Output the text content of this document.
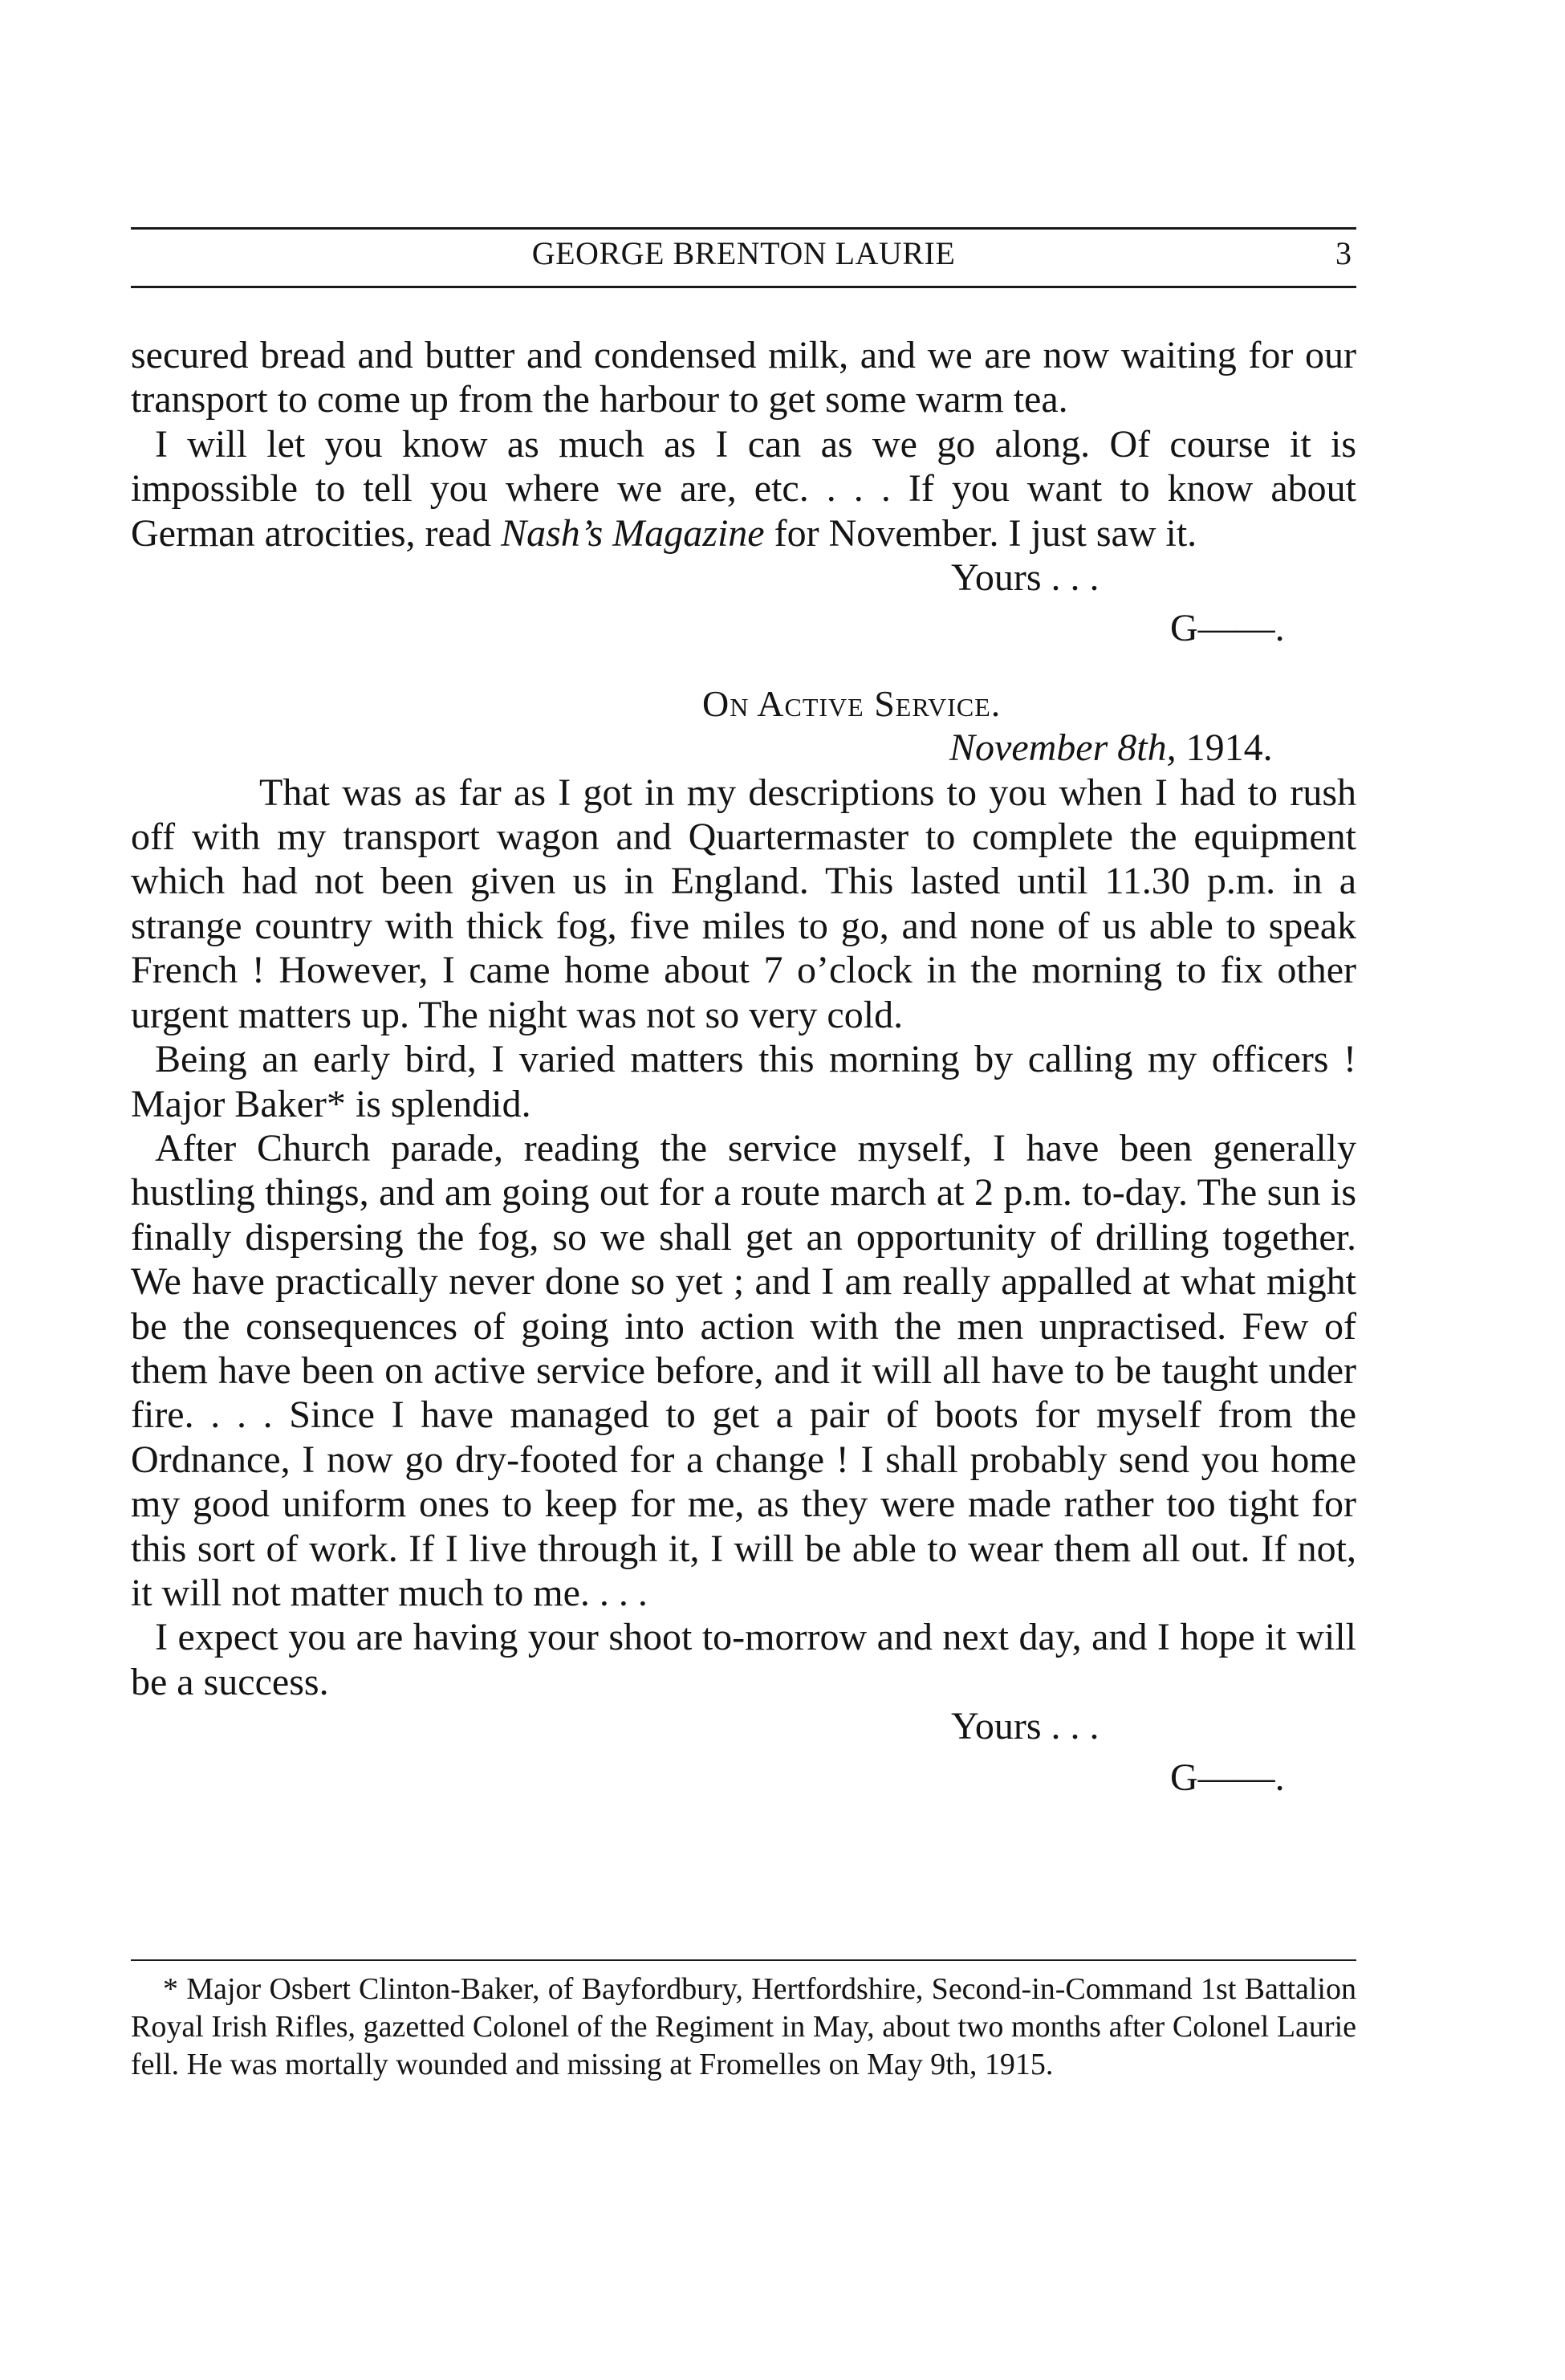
GEORGE BRENTON LAURIE	3

secured bread and butter and condensed milk, and we are now waiting for our transport to come up from the harbour to get some warm tea.

I will let you know as much as I can as we go along. Of course it is impossible to tell you where we are, etc. . . . If you want to know about German atrocities, read Nash’s Magazine for November. I just saw it.

Yours . . .

G——.

On Active Service.

November 8th, 1914.

That was as far as I got in my descriptions to you when I had to rush off with my transport wagon and Quartermaster to complete the equipment which had not been given us in England. This lasted until 11.30 p.m. in a strange country with thick fog, five miles to go, and none of us able to speak French ! However, I came home about 7 o’clock in the morning to fix other urgent matters up. The night was not so very cold.

Being an early bird, I varied matters this morning by calling my officers ! Major Baker* is splendid.

After Church parade, reading the service myself, I have been generally hustling things, and am going out for a route march at 2 p.m. to-day. The sun is finally dispersing the fog, so we shall get an opportunity of drilling together. We have practically never done so yet ; and I am really appalled at what might be the consequences of going into action with the men unpractised. Few of them have been on active service before, and it will all have to be taught under fire. . . . Since I have managed to get a pair of boots for myself from the Ordnance, I now go dry-footed for a change ! I shall probably send you home my good uniform ones to keep for me, as they were made rather too tight for this sort of work. If I live through it, I will be able to wear them all out. If not, it will not matter much to me. . . .

I expect you are having your shoot to-morrow and next day, and I hope it will be a success.

Yours . . .

G——.

* Major Osbert Clinton-Baker, of Bayfordbury, Hertfordshire, Second-in-Command 1st Battalion Royal Irish Rifles, gazetted Colonel of the Regiment in May, about two months after Colonel Laurie fell. He was mortally wounded and missing at Fromelles on May 9th, 1915.
